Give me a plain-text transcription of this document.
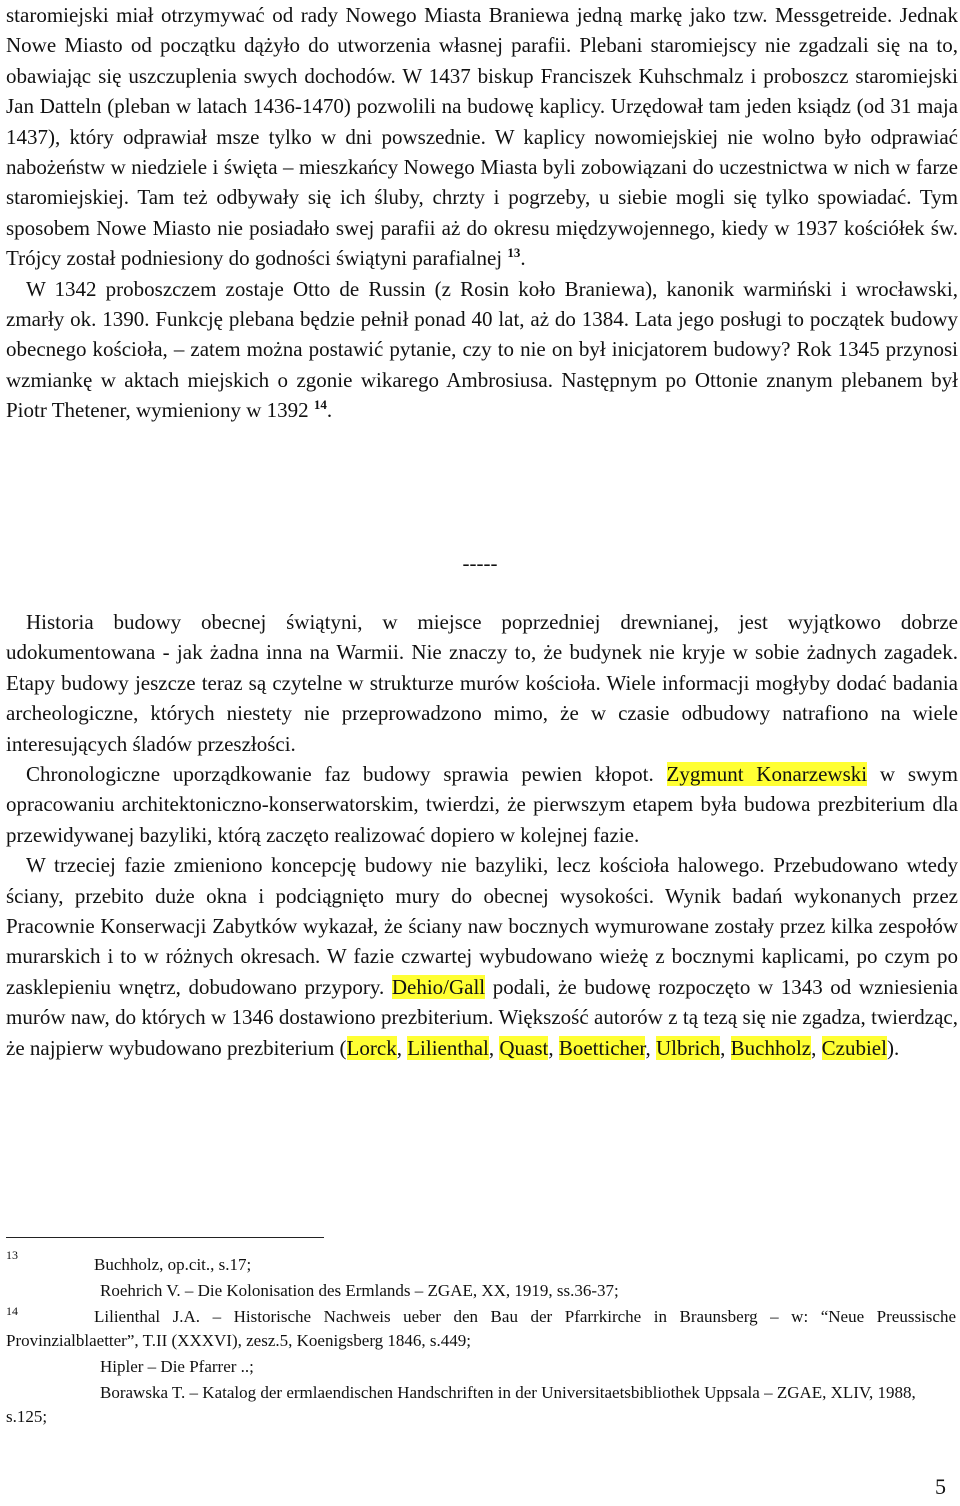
staromiejski miał otrzymywać od rady Nowego Miasta Braniewa jedną markę jako tzw. Messgetreide. Jednak Nowe Miasto od początku dążyło do utworzenia własnej parafii. Plebani staromiejscy nie zgadzali się na to, obawiając się uszczuplenia swych dochodów. W 1437 biskup Franciszek Kuhschmalz i proboszcz staromiejski Jan Datteln (pleban w latach 1436-1470) pozwolili na budowę kaplicy. Urzędował tam jeden ksiądz (od 31 maja 1437), który odprawiał msze tylko w dni powszednie. W kaplicy nowomiejskiej nie wolno było odprawiać nabożeństw w niedziele i święta – mieszkańcy Nowego Miasta byli zobowiązani do uczestnictwa w nich w farze staromiejskiej. Tam też odbywały się ich śluby, chrzty i pogrzeby, u siebie mogli się tylko spowiadać. Tym sposobem Nowe Miasto nie posiadało swej parafii aż do okresu międzywojennego, kiedy w 1937 kościółek św. Trójcy został podniesiony do godności świątyni parafialnej $^{13}$.

W 1342 proboszczem zostaje Otto de Russin (z Rosin koło Braniewa), kanonik warmiński i wrocławski, zmarły ok. 1390. Funkcję plebana będzie pełnił ponad 40 lat, aż do 1384. Lata jego posługi to początek budowy obecnego kościoła, – zatem można postawić pytanie, czy to nie on był inicjatorem budowy? Rok 1345 przynosi wzmiankę w aktach miejskich o zgonie wikarego Ambrosiusa. Następnym po Ottonie znanym plebanem był Piotr Thetener, wymieniony w 1392 $^{14}$.

-----

Historia budowy obecnej świątyni, w miejsce poprzedniej drewnianej, jest wyjątkowo dobrze udokumentowana - jak żadna inna na Warmii. Nie znaczy to, że budynek nie kryje w sobie żadnych zagadek. Etapy budowy jeszcze teraz są czytelne w strukturze murów kościoła. Wiele informacji mogłyby dodać badania archeologiczne, których niestety nie przeprowadzono mimo, że w czasie odbudowy natrafiono na wiele interesujących śladów przeszłości.

Chronologiczne uporządkowanie faz budowy sprawia pewien kłopot. Zygmunt Konarzewski w swym opracowaniu architektoniczno-konserwatorskim, twierdzi, że pierwszym etapem była budowa prezbiterium dla przewidywanej bazyliki, którą zaczęto realizować dopiero w kolejnej fazie.

W trzeciej fazie zmieniono koncepcję budowy nie bazyliki, lecz kościoła halowego. Przebudowano wtedy ściany, przebito duże okna i podciągnięto mury do obecnej wysokości. Wynik badań wykonanych przez Pracownie Konserwacji Zabytków wykazał, że ściany naw bocznych wymurowane zostały przez kilka zespołów murarskich i to w różnych okresach. W fazie czwartej wybudowano wieżę z bocznymi kaplicami, po czym po zasklepieniu wnętrz, dobudowano przypory. Dehio/Gall podali, że budowę rozpoczęto w 1343 od wzniesienia murów naw, do których w 1346 dostawiono prezbiterium. Większość autorów z tą tezą się nie zgadza, twierdząc, że najpierw wybudowano prezbiterium (Lorck, Lilienthal, Quast, Boetticher, Ulbrich, Buchholz, Czubiel).

13	Buchholz, op.cit., s.17;
Roehrich V. – Die Kolonisation des Ermlands – ZGAE, XX, 1919, ss.36-37;
14	Lilienthal J.A. – Historische Nachweis ueber den Bau der Pfarrkirche in Braunsberg – w: “Neue Preussische Provinzialblaetter”, T.II (XXXVI), zesz.5, Koenigsberg 1846, s.449;
Hipler – Die Pfarrer ..;
Borawska T. – Katalog der ermlaendischen Handschriften in der Universitaetsbibliothek Uppsala – ZGAE, XLIV, 1988, s.125;
5
